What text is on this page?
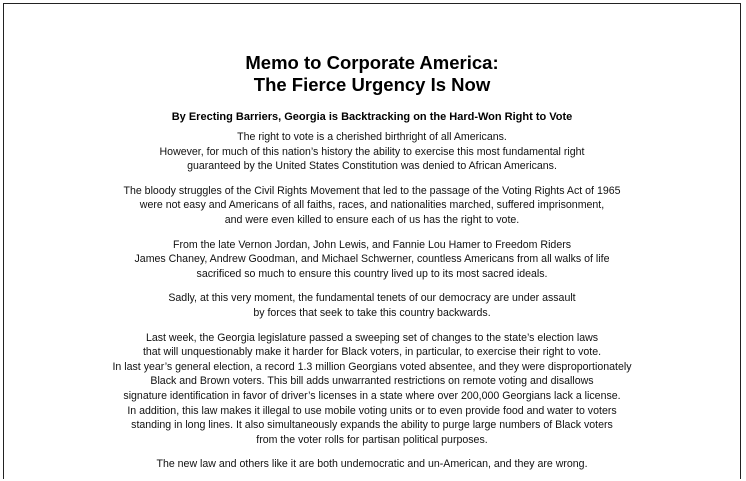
Memo to Corporate America:
The Fierce Urgency Is Now
By Erecting Barriers, Georgia is Backtracking on the Hard-Won Right to Vote

The right to vote is a cherished birthright of all Americans.
However, for much of this nation’s history the ability to exercise this most fundamental right
guaranteed by the United States Constitution was denied to African Americans.

The bloody struggles of the Civil Rights Movement that led to the passage of the Voting Rights Act of 1965
were not easy and Americans of all faiths, races, and nationalities marched, suffered imprisonment,
and were even killed to ensure each of us has the right to vote.

From the late Vernon Jordan, John Lewis, and Fannie Lou Hamer to Freedom Riders
James Chaney, Andrew Goodman, and Michael Schwerner, countless Americans from all walks of life
sacrificed so much to ensure this country lived up to its most sacred ideals.

Sadly, at this very moment, the fundamental tenets of our democracy are under assault
by forces that seek to take this country backwards.

Last week, the Georgia legislature passed a sweeping set of changes to the state’s election laws
that will unquestionably make it harder for Black voters, in particular, to exercise their right to vote.
In last year’s general election, a record 1.3 million Georgians voted absentee, and they were disproportionately
Black and Brown voters. This bill adds unwarranted restrictions on remote voting and disallows
signature identification in favor of driver’s licenses in a state where over 200,000 Georgians lack a license.
In addition, this law makes it illegal to use mobile voting units or to even provide food and water to voters
standing in long lines. It also simultaneously expands the ability to purge large numbers of Black voters
from the voter rolls for partisan political purposes.

The new law and others like it are both undemocratic and un-American, and they are wrong.
